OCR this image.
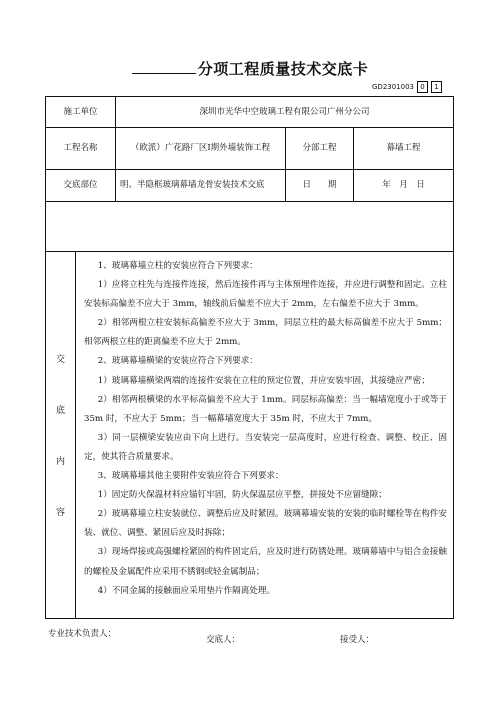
分项工程质量技术交底卡
GD2301003 0	1
施工单位	深圳市光华中空玻璃工程有限公司广州分公司
工程名称	（欧派）广花路厂区Ⅰ期外墙装饰工程	分部工程	幕墙工程
交底部位	明、半隐框玻璃幕墙龙骨安装技术交底	日　　期	年　月　日
交
底
内
容

1、玻璃幕墙立柱的安装应符合下列要求：

1）应将立柱先与连接件连接，然后连接件再与主体预埋件连接，并应进行调整和固定。立柱安装标高偏差不应大于 3mm，轴线前后偏差不应大于 2mm，左右偏差不应大于 3mm。

2）相邻两根立柱安装标高偏差不应大于 3mm，同层立柱的最大标高偏差不应大于 5mm；相邻两根立柱的距离偏差不应大于 2mm。

2、玻璃幕墙横梁的安装应符合下列要求：

1）玻璃幕墙横梁两端的连接件安装在立柱的预定位置，并应安装牢固，其接缝应严密；

2）相邻两根横梁的水平标高偏差不应大于 1mm。同层标高偏差：当一幅墙宽度小于或等于 35m 时，不应大于 5mm；当一幅幕墙宽度大于 35m 时，不应大于 7mm。

3）同一层横梁安装应由下向上进行。当安装完一层高度时，应进行检查、调整、校正、固定，使其符合质量要求。

3、玻璃幕墙其他主要附件安装应符合下列要求：

1）固定防火保温材料应锚钉牢固，防火保温层应平整，拼接处不应留缝隙；

2）玻璃幕墙立柱安装就位、调整后应及时紧固。玻璃幕墙安装的安装的临时螺栓等在构件安装、就位、调整、紧固后应及时拆除；

3）现场焊接或高强螺栓紧固的构件固定后，应及时进行防锈处理。玻璃幕墙中与铝合金接触的螺栓及金属配件应采用不锈钢或轻金属制品；

4）不同金属的接触面应采用垫片作隔离处理。

专业技术负责人：
交底人：	接受人：
